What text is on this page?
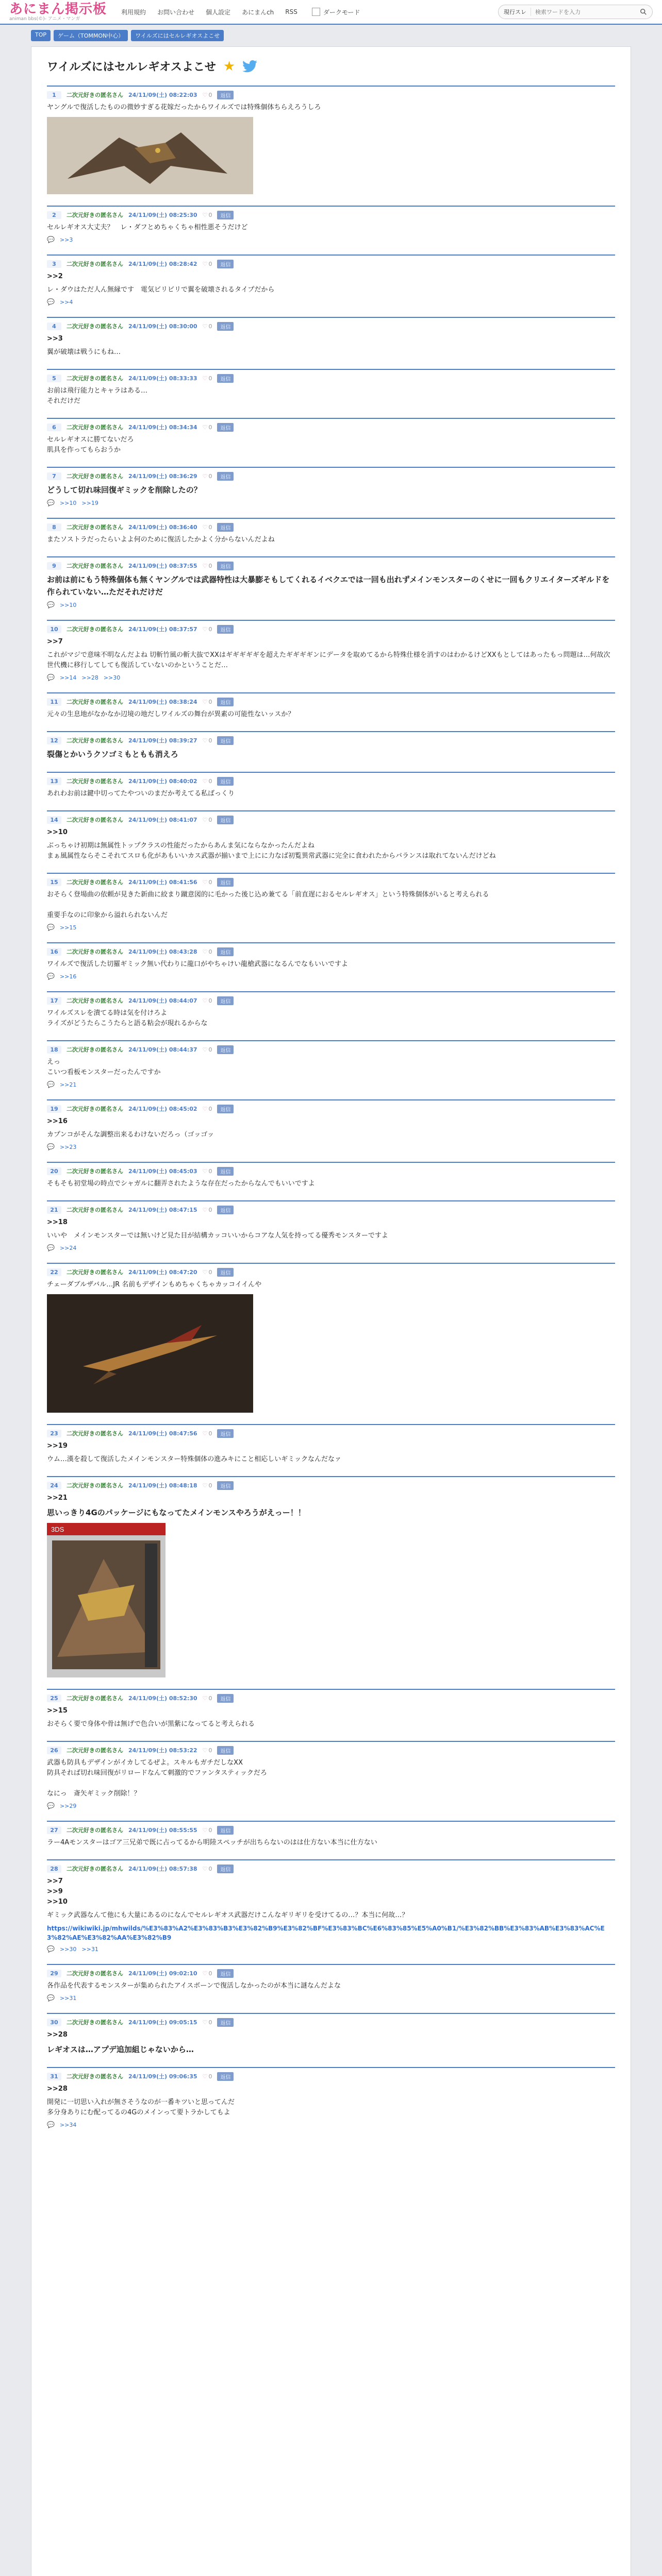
あにまん掲示板
animan bbs(©)- アニメ・マンガ
利用規約 お問い合わせ 個人設定 あにまんch RSS	ダークモード	現行スレ
検索ワードを入力
TOP	ゲーム（TOMMON中心）	ワイルズにはセルレギオスよこせ
ワイルズにはセルレギオスよこせ ★
1	二次元好きの匿名さん 24/11/09(土) 08:22:03 ♡ 0	返信
ヤングルで復活したものの微妙すぎる花嫁だったからワイルズでは特殊個体ちらえろうしろ
2	二次元好きの匿名さん 24/11/09(土) 08:25:30 ♡ 0	返信
セルレギオス大丈夫？　レ・ダフとめちゃくちゃ相性悪そうだけど
💬 >>3
3	二次元好きの匿名さん 24/11/09(土) 08:28:42 ♡ 0	返信
>>2
レ・ダウはただ人ん無縁です　電気ビリビリで翼を破壊されるタイプだから
💬 >>4
4	二次元好きの匿名さん 24/11/09(土) 08:30:00 ♡ 0	返信
>>3
翼が破壊は戦うにもね…
5	二次元好きの匿名さん 24/11/09(土) 08:33:33 ♡ 0	返信
お前は飛行能力とキャラはある…
それだけだ
6	二次元好きの匿名さん 24/11/09(土) 08:34:34 ♡ 0	返信
セルレギオスに勝てないだろ
肌具を作ってもらおうか
7	二次元好きの匿名さん 24/11/09(土) 08:36:29 ♡ 0	返信
どうして切れ味回復ギミックを削除したの？
💬 >>10 >>19
8	二次元好きの匿名さん 24/11/09(土) 08:36:40 ♡ 0	返信
またソストラだったらいよよ何のために復活したかよく分からないんだよね
9	二次元好きの匿名さん 24/11/09(土) 08:37:55 ♡ 0	返信
お前は前にもう特殊個体も無くヤングルでは武器特性は大暴膨そもしてくれるイベクエでは一回も出れずメインモンスターのくせに一回もクリエイターズギルドを作られていない…ただそれだけだ
💬 >>10
10	二次元好きの匿名さん 24/11/09(土) 08:37:57 ♡ 0	返信
>>7
これがマジで意味不明なんだよね 切斬竹風の斬大抜でXXはギギギギギを超えたギギギギンにデータを取めてるから特殊仕様を消すのはわかるけどXXもとしてはあったもっ問題は…何故次世代機に移行してしても復活していないのかということだ…
💬 >>14 >>28 >>30
11	二次元好きの匿名さん 24/11/09(土) 08:38:24 ♡ 0	返信
元々の生息地がなかなか辺境の地だしワイルズの舞台が異素の可能性ないッスか？
12	二次元好きの匿名さん 24/11/09(土) 08:39:27 ♡ 0	返信
裂傷とかいうクソゴミもともも消えろ
13	二次元好きの匿名さん 24/11/09(土) 08:40:02 ♡ 0	返信
あれわお前は鍵中切ってたやついのまだか考えてる私ばっくり
14	二次元好きの匿名さん 24/11/09(土) 08:41:07 ♡ 0	返信
>>10
ぶっちゃけ初期は無属性トップクラスの性能だったからあんま気にならなかったんだよね
まぁ風属性ならそこそれてスロも化があもいいカス武器が揃いまで上にに力なば初覧異常武器に完全に食われたからバランスは取れてないんだけどね
15	二次元好きの匿名さん 24/11/09(土) 08:41:56 ♡ 0	返信
おそらく登場曲の依頼が見きた新曲に絞まり蹴意図的に毛かった後じ込め兼てる「前直遅におるセルレギオス」という特殊個体がいると考えられる

重要手なのに印象から溢れられないんだ
💬 >>15
16	二次元好きの匿名さん 24/11/09(土) 08:43:28 ♡ 0	返信
ワイルズで復活した切羅ギミック無い代わりに龍口がやちゃけい龍槍武器になるんでなもいいですよ
💬 >>16
17	二次元好きの匿名さん 24/11/09(土) 08:44:07 ♡ 0	返信
ワイルズスレを潰てる時は気を付けろよ
ライズがどうたらこうたらと語る粘会が現れるからな
18	二次元好きの匿名さん 24/11/09(土) 08:44:37 ♡ 0	返信
えっ
こいつ看板モンスターだったんですか
💬 >>21
19	二次元好きの匿名さん 24/11/09(土) 08:45:02 ♡ 0	返信
>>16
カプンコがそんな調整出来るわけないだろっ（ゴッゴッ
💬 >>23
20	二次元好きの匿名さん 24/11/09(土) 08:45:03 ♡ 0	返信
そもそも初堂場の時点でシャガルに翻弄されたような存在だったからなんでもいいですよ
21	二次元好きの匿名さん 24/11/09(土) 08:47:15 ♡ 0	返信
>>18
いいや　メインモンスターでは無いけど見た目が結構カッコいいからコアな人気を持ってる優秀モンスターですよ
💬 >>24
22	二次元好きの匿名さん 24/11/09(土) 08:47:20 ♡ 0	返信
チェーダブルザバル…JR 名前もデザインもめちゃくちゃカッコイイんや
23	二次元好きの匿名さん 24/11/09(土) 08:47:56 ♡ 0	返信
>>19
ウム…漢を殺して復活したメインモンスター特殊個体の進みキにこと相応しいギミックなんだなァ
24	二次元好きの匿名さん 24/11/09(土) 08:48:18 ♡ 0	返信
>>21
思いっきり4Gのパッケージにもなってたメインモンスやろうがえっー！！
3DS
25	二次元好きの匿名さん 24/11/09(土) 08:52:30 ♡ 0	返信
>>15
おそらく要で身体や骨は無げで色合いが黒紫になってると考えられる
26	二次元好きの匿名さん 24/11/09(土) 08:53:22 ♡ 0	返信
武器も防具もデザインがイカしてるぜよ。スキルもガチだしなXX
防具それば切れ味回復がリロードなんて刺激的でファンタスティックだろ

なにっ　斎矢ギミック削除！？
💬 >>29
27	二次元好きの匿名さん 24/11/09(土) 08:55:55 ♡ 0	返信
ラー4Aモンスターはゴア三兄弟で既に占ってるから明陸スペッチが出ちらないのはは仕方ない本当に仕方ない
28	二次元好きの匿名さん 24/11/09(土) 08:57:38 ♡ 0	返信
>>7
>>9
>>10
ギミック武器なんて他にも大量にあるのになんでセルレギオス武器だけこんなギリギリを受けてるの…？本当に何故…？
https://wikiwiki.jp/mhwilds/%E3%83%A2%E3%83%B3%E3%82%B9%E3%82%BF%E3%83%BC%E6%83%85%E5%A0%B1/%E3%82%BB%E3%83%AB%E3%83%AC%E3%82%AE%E3%82%AA%E3%82%B9
💬 >>30 >>31
29	二次元好きの匿名さん 24/11/09(土) 09:02:10 ♡ 0	返信
各作品を代表するモンスターが集められたアイスボーンで復活しなかったのが本当に謎なんだよな
💬 >>31
30	二次元好きの匿名さん 24/11/09(土) 09:05:15 ♡ 0	返信
>>28
レギオスは…アプデ追加組じゃないから…
31	二次元好きの匿名さん 24/11/09(土) 09:06:35 ♡ 0	返信
>>28
開発に一切思い入れが無さそうなのが一番キツいと思ってんだ
多分身ありにむ配ってるの4Gのメインって要トラかしてもよ
💬 >>34
